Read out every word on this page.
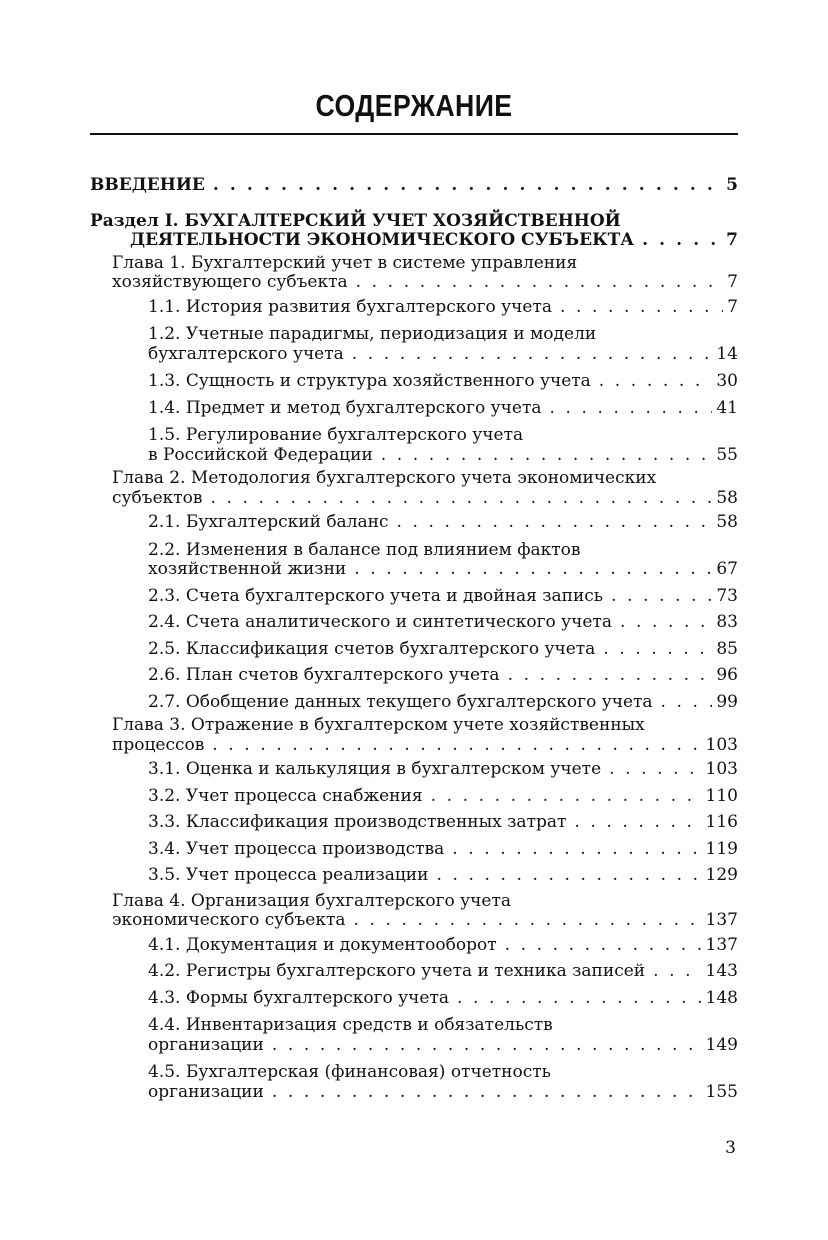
СОДЕРЖАНИЕ
ВВЕДЕНИЕ . . .	5
Раздел I. БУХГАЛТЕРСКИЙ УЧЕТ ХОЗЯЙСТВЕННОЙ
ДЕЯТЕЛЬНОСТИ ЭКОНОМИЧЕСКОГО СУБЪЕКТА . . .	7
Глава 1. Бухгалтерский учет в системе управления
хозяйствующего субъекта . . .	7
1.1. История развития бухгалтерского учета . . .	7
1.2. Учетные парадигмы, периодизация и модели
бухгалтерского учета . . .	14
1.3. Сущность и структура хозяйственного учета . . .	30
1.4. Предмет и метод бухгалтерского учета . . .	41
1.5. Регулирование бухгалтерского учета
в Российской Федерации . . .	55
Глава 2. Методология бухгалтерского учета экономических
субъектов . . .	58
2.1. Бухгалтерский баланс . . .	58
2.2. Изменения в балансе под влиянием фактов
хозяйственной жизни . . .	67
2.3. Счета бухгалтерского учета и двойная запись . . .	73
2.4. Счета аналитического и синтетического учета . . .	83
2.5. Классификация счетов бухгалтерского учета . . .	85
2.6. План счетов бухгалтерского учета . . .	96
2.7. Обобщение данных текущего бухгалтерского учета . . .	99
Глава 3. Отражение в бухгалтерском учете хозяйственных
процессов . . .	103
3.1. Оценка и калькуляция в бухгалтерском учете . . .	103
3.2. Учет процесса снабжения . . .	110
3.3. Классификация производственных затрат . . .	116
3.4. Учет процесса производства . . .	119
3.5. Учет процесса реализации . . .	129
Глава 4. Организация бухгалтерского учета
экономического субъекта . . .	137
4.1. Документация и документооборот . . .	137
4.2. Регистры бухгалтерского учета и техника записей . . .	143
4.3. Формы бухгалтерского учета . . .	148
4.4. Инвентаризация средств и обязательств
организации . . .	149
4.5. Бухгалтерская (финансовая) отчетность
организации . . .	155
3
